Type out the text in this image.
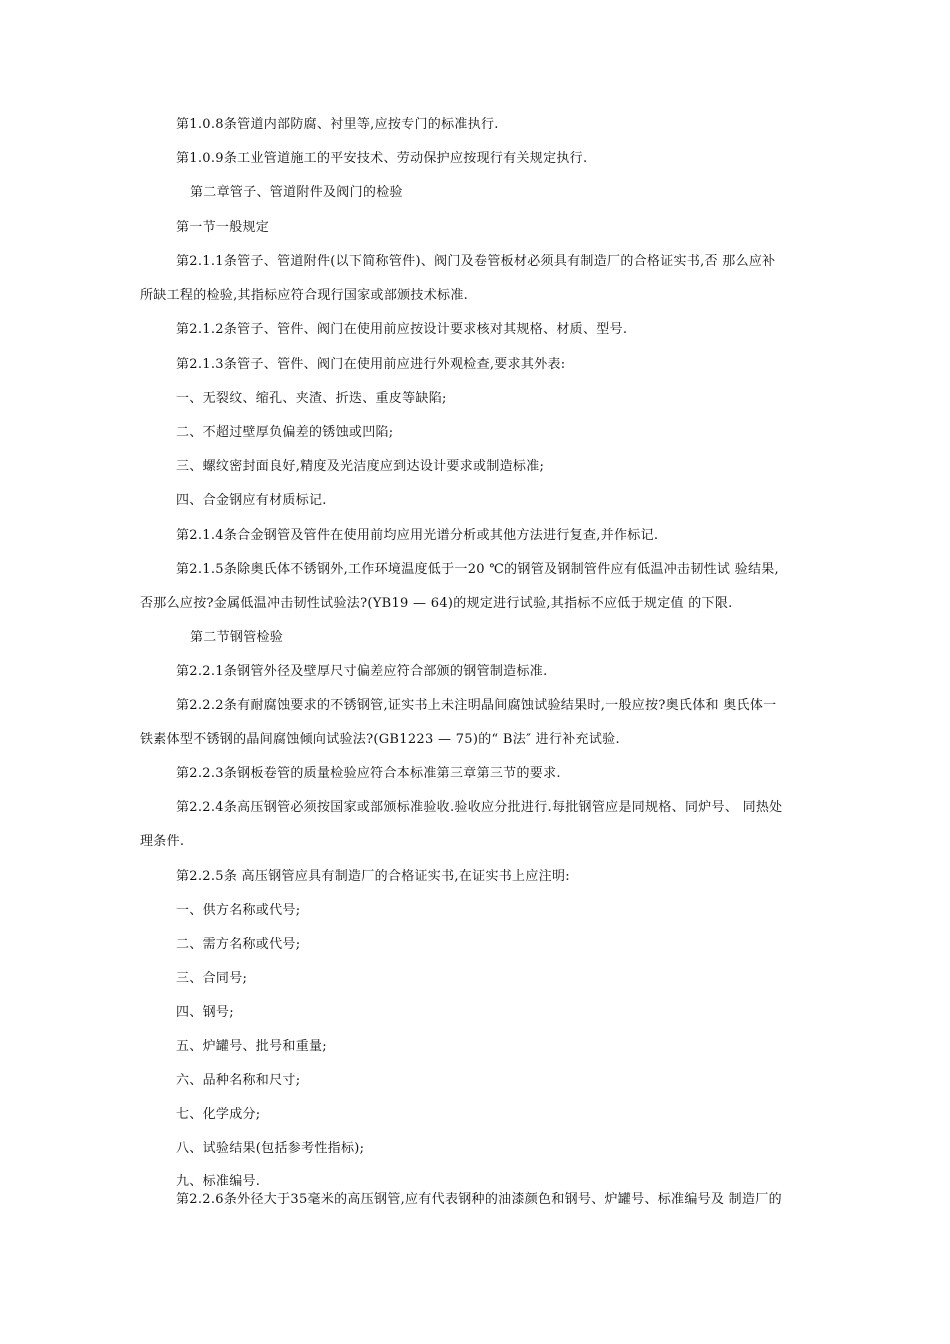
第1.0.8条管道内部防腐、衬里等,应按专门的标准执行.

第1.0.9条工业管道施工的平安技术、劳动保护应按现行有关规定执行.

第二章管子、管道附件及阀门的检验

第一节一般规定

第2.1.1条管子、管道附件(以下简称管件)、阀门及卷管板材必须具有制造厂的合格证实书,否 那么应补

所缺工程的检验,其指标应符合现行国家或部颁技术标准.

第2.1.2条管子、管件、阀门在使用前应按设计要求核对其规格、材质、型号.

第2.1.3条管子、管件、阀门在使用前应进行外观检查,要求其外表:

一、无裂纹、缩孔、夹渣、折迭、重皮等缺陷;

二、不超过壁厚负偏差的锈蚀或凹陷;

三、螺纹密封面良好,精度及光洁度应到达设计要求或制造标准;

四、合金钢应有材质标记.

第2.1.4条合金钢管及管件在使用前均应用光谱分析或其他方法进行复查,并作标记.

第2.1.5条除奥氏体不锈钢外,工作环境温度低于一20 ℃的钢管及钢制管件应有低温冲击韧性试 验结果,

否那么应按?金属低温冲击韧性试验法?(YB19 — 64)的规定进行试验,其指标不应低于规定值 的下限.

第二节钢管检验

第2.2.1条钢管外径及壁厚尺寸偏差应符合部颁的钢管制造标准.

第2.2.2条有耐腐蚀要求的不锈钢管,证实书上未注明晶间腐蚀试验结果时,一般应按?奥氏体和 奥氏体一

铁素体型不锈钢的晶间腐蚀倾向试验法?(GB1223 — 75)的“ B法″ 进行补充试验.

第2.2.3条钢板卷管的质量检验应符合本标准第三章第三节的要求.

第2.2.4条高压钢管必须按国家或部颁标准验收.验收应分批进行.每批钢管应是同规格、同炉号、 同热处

理条件.

第2.2.5条 高压钢管应具有制造厂的合格证实书,在证实书上应注明:

一、供方名称或代号;

二、需方名称或代号;

三、合同号;

四、钢号;

五、炉罐号、批号和重量;

六、品种名称和尺寸;

七、化学成分;

八、试验结果(包括参考性指标);

九、标准编号.

第2.2.6条外径大于35毫米的高压钢管,应有代表钢种的油漆颜色和钢号、炉罐号、标准编号及 制造厂的
